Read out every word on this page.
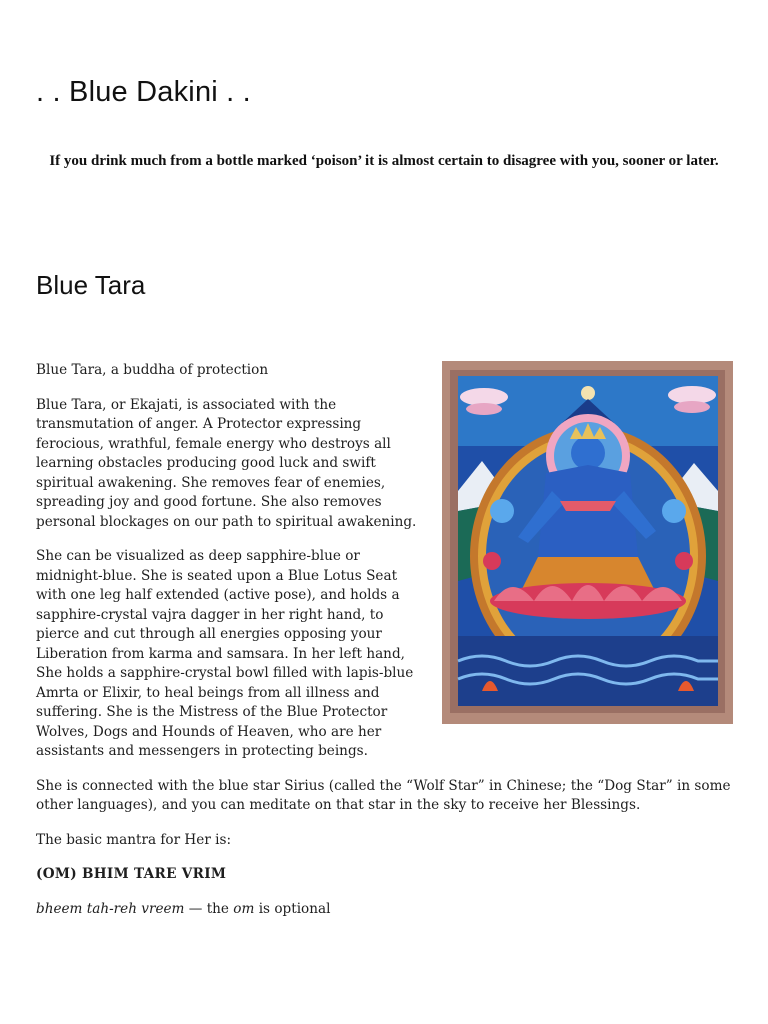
. . Blue Dakini . .

If you drink much from a bottle marked ‘poison’ it is almost certain to disagree with you, sooner or later.

Blue Tara

Blue Tara, a buddha of protection

Blue Tara, or Ekajati, is associated with the transmutation of anger. A Protector expressing ferocious, wrathful, female energy who destroys all learning obstacles producing good luck and swift spiritual awakening. She removes fear of enemies, spreading joy and good fortune. She also removes personal blockages on our path to spiritual awakening.

She can be visualized as deep sapphire-blue or midnight-blue. She is seated upon a Blue Lotus Seat with one leg half extended (active pose), and holds a sapphire-crystal vajra dagger in her right hand, to pierce and cut through all energies opposing your Liberation from karma and samsara. In her left hand, She holds a sapphire-crystal bowl filled with lapis-blue Amrta or Elixir, to heal beings from all illness and suffering. She is the Mistress of the Blue Protector Wolves, Dogs and Hounds of Heaven, who are her assistants and messengers in protecting beings.

She is connected with the blue star Sirius (called the “Wolf Star” in Chinese; the “Dog Star” in some other languages), and you can meditate on that star in the sky to receive her Blessings.

The basic mantra for Her is:

(OM) BHIM TARE VRIM

bheem tah-reh vreem — the om is optional
